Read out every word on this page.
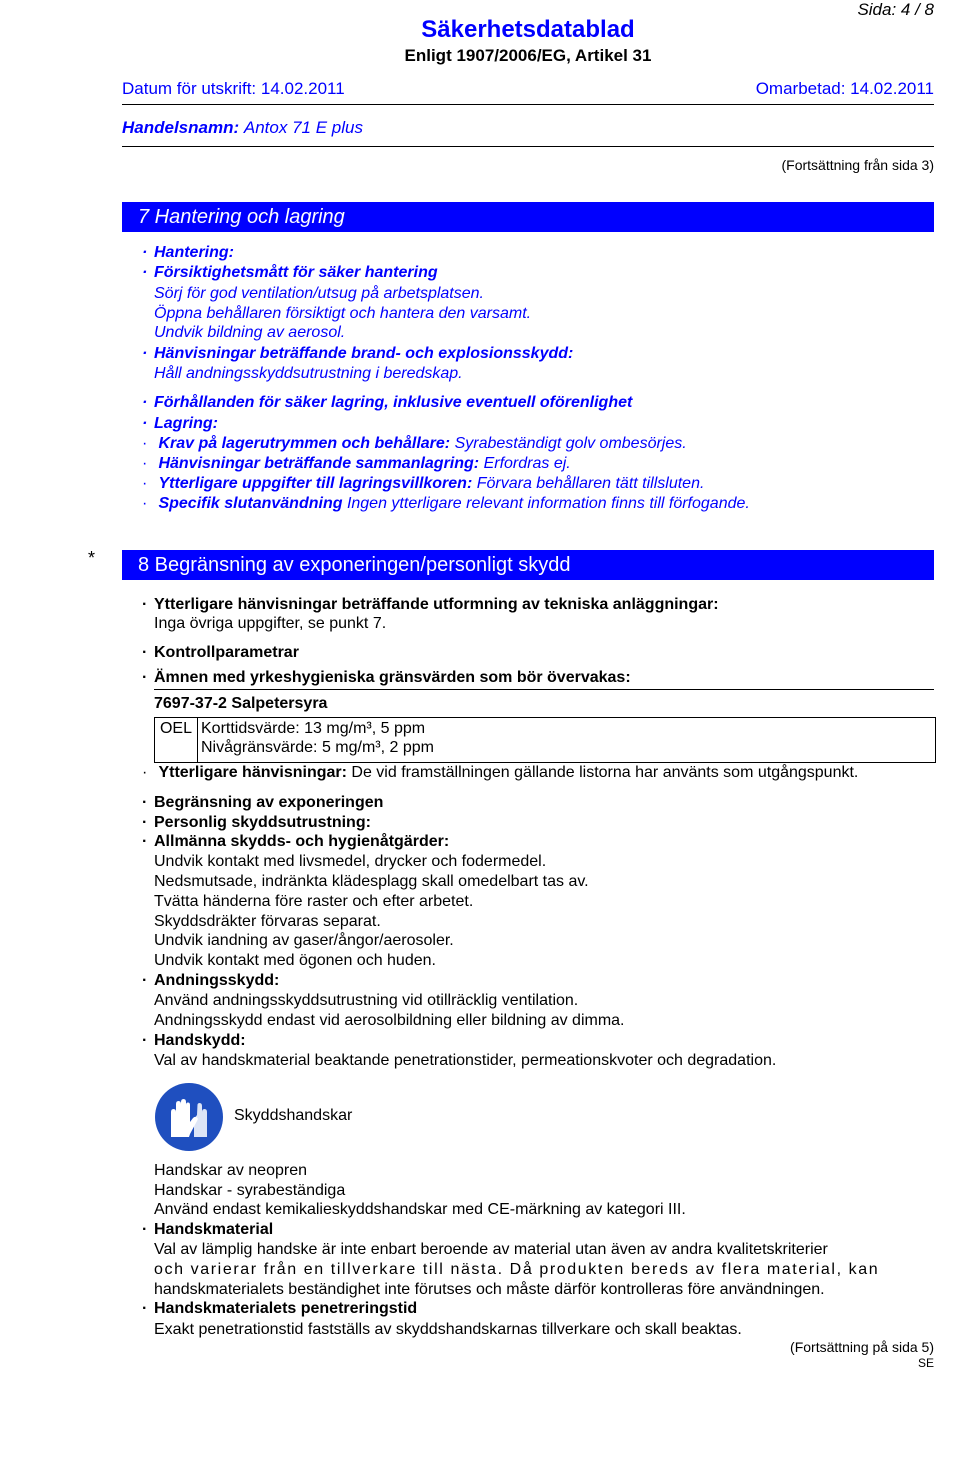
Sida: 4 / 8
Säkerhetsdatablad
Enligt 1907/2006/EG, Artikel 31
Datum för utskrift: 14.02.2011	Omarbetad: 14.02.2011
Handelsnamn: Antox 71 E plus
(Fortsättning från sida 3)
7 Hantering och lagring
· Hantering:
· Försiktighetsmått för säker hantering
Sörj för god ventilation/utsug på arbetsplatsen.
Öppna behållaren försiktigt och hantera den varsamt.
Undvik bildning av aerosol.
· Hänvisningar beträffande brand- och explosionsskydd:
Håll andningsskyddsutrustning i beredskap.
· Förhållanden för säker lagring, inklusive eventuell oförenlighet
· Lagring:
· Krav på lagerutrymmen och behållare: Syrabeständigt golv ombesörjes.
· Hänvisningar beträffande sammanlagring: Erfordras ej.
· Ytterligare uppgifter till lagringsvillkoren: Förvara behållaren tätt tillsluten.
· Specifik slutanvändning Ingen ytterligare relevant information finns till förfogande.
*	8 Begränsning av exponeringen/personligt skydd
· Ytterligare hänvisningar beträffande utformning av tekniska anläggningar:
Inga övriga uppgifter, se punkt 7.
· Kontrollparametrar
· Ämnen med yrkeshygieniska gränsvärden som bör övervakas:
7697-37-2 Salpetersyra
OEL Korttidsvärde: 13 mg/m³, 5 ppm
Nivågränsvärde: 5 mg/m³, 2 ppm
· Ytterligare hänvisningar: De vid framställningen gällande listorna har använts som utgångspunkt.
· Begränsning av exponeringen
· Personlig skyddsutrustning:
· Allmänna skydds- och hygienåtgärder:
Undvik kontakt med livsmedel, drycker och fodermedel.
Nedsmutsade, indränkta klädesplagg skall omedelbart tas av.
Tvätta händerna före raster och efter arbetet.
Skyddsdräkter förvaras separat.
Undvik iandning av gaser/ångor/aerosoler.
Undvik kontakt med ögonen och huden.
· Andningsskydd:
Använd andningsskyddsutrustning vid otillräcklig ventilation.
Andningsskydd endast vid aerosolbildning eller bildning av dimma.
· Handskydd:
Val av handskmaterial beaktande penetrationstider, permeationskvoter och degradation.
Skyddshandskar
Handskar av neopren
Handskar - syrabeständiga
Använd endast kemikalieskyddshandskar med CE-märkning av kategori III.
· Handskmaterial
Val av lämplig handske är inte enbart beroende av material utan även av andra kvalitetskriterier
och varierar från en tillverkare till nästa. Då produkten bereds av flera material, kan
handskmaterialets beständighet inte förutses och måste därför kontrolleras före användningen.
· Handskmaterialets penetreringstid
Exakt penetrationstid fastställs av skyddshandskarnas tillverkare och skall beaktas.
(Fortsättning på sida 5)
SE
